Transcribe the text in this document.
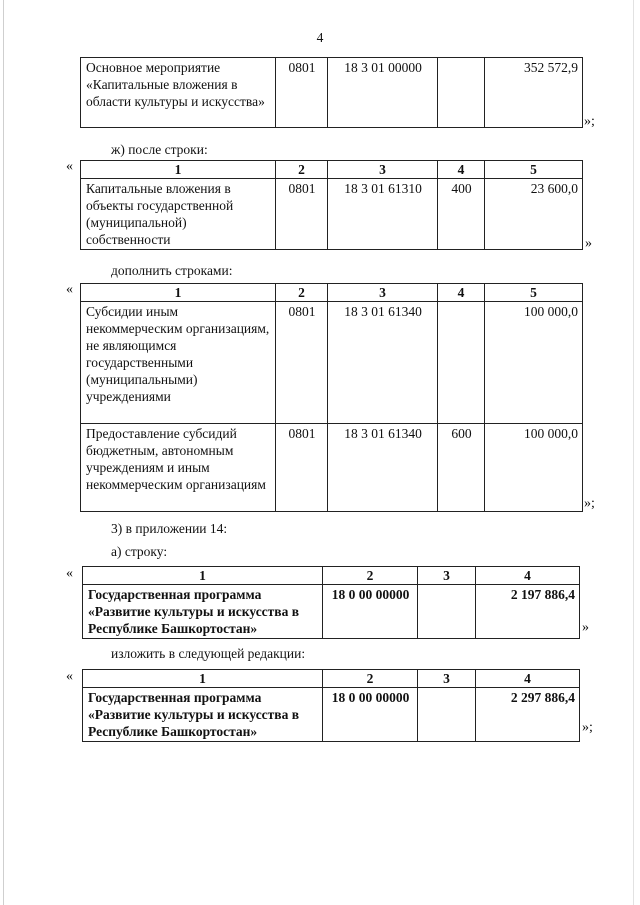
4
Основное мероприятие «Капитальные вложения в области культуры и искусства»	0801	18 3 01 00000		352 572,9
»;
ж) после строки:
«	1	2	3	4	5
Капитальные вложения в объекты государственной (муниципальной) собственности	0801	18 3 01 61310	400	23 600,0
»
дополнить строками:
«	1	2	3	4	5
Субсидии иным некоммерческим организациям, не являющимся государственными (муниципальными) учреждениями	0801	18 3 01 61340		100 000,0
Предоставление субсидий бюджетным, автономным учреждениям и иным некоммерческим организациям	0801	18 3 01 61340	600	100 000,0
»;
3) в приложении 14:
а) строку:
«	1	2	3	4
Государственная программа «Развитие культуры и искусства в Республике Башкортостан»	18 0 00 00000		2 197 886,4
»
изложить в следующей редакции:
«	1	2	3	4
Государственная программа «Развитие культуры и искусства в Республике Башкортостан»	18 0 00 00000		2 297 886,4
»;
